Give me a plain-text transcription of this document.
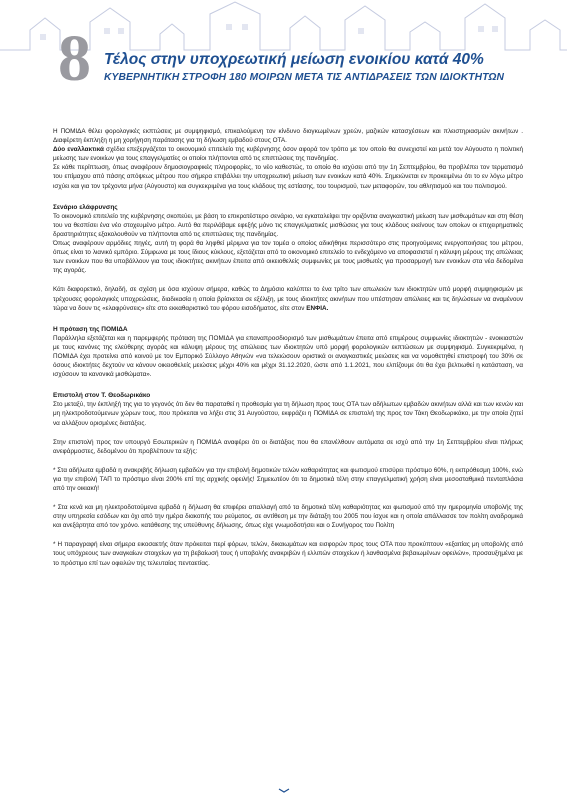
8 Τέλος στην υποχρεωτική μείωση ενοικίου κατά 40%
ΚΥΒΕΡΝΗΤΙΚΗ ΣΤΡΟΦΗ 180 ΜΟΙΡΩΝ ΜΕΤΑ ΤΙΣ ΑΝΤΙΔΡΑΣΕΙΣ ΤΩΝ ΙΔΙΟΚΤΗΤΩΝ

Η ΠΟΜΙΔΑ θέλει φορολογικές εκπτώσεις με συμψηφισμό, επικαλούμενη τον κίνδυνο διογκωμένων χρεών, μαζικών κατασχέσεων και πλειστηριασμών ακινήτων . Διαφέρετη έκπληξη η μη χορήγηση παράτασης για τη δήλωση εμβαδού στους ΟΤΑ.

Δύο εναλλακτικά σχέδια επεξεργάζεται το οικονομικό επιτελείο της κυβέρνησης όσον αφορά τον τρόπο με τον οποίο θα συνεχιστεί και μετά τον Αύγουστο η πολιτική μείωσης των ενοικίων για τους επαγγελματίες οι οποίοι πλήττονται από τις επιπτώσεις της πανδημίας.

Σε κάθε περίπτωση, όπως αναφέρουν δημοσιογραφικές πληροφορίες, το νέο καθεστώς, το οποίο θα ισχύσει από την 1η Σεπτεμβρίου, θα προβλέπει τον τερματισμό του επίμαχου από πάσης απόψεως μέτρου που σήμερα επιβάλλει την υποχρεωτική μείωση των ενοικίων κατά 40%. Σημειώνεται εν προκειμένω ότι το εν λόγω μέτρο ισχύει και για τον τρέχοντα μήνα (Αύγουστο) και συγκεκριμένα για τους κλάδους της εστίασης, του τουρισμού, των μεταφορών, του αθλητισμού και του πολιτισμού.

Σενάριο ελάφρυνσης

Το οικονομικό επιτελείο της κυβέρνησης σκοπεύει, με βάση το επικρατέστερο σενάριο, να εγκαταλείψει την οριζόντια αναγκαστική μείωση των μισθωμάτων και στη θέση του να θεσπίσει ένα νέο στοχευμένο μέτρο. Αυτό θα περιλάβαμε εφεξής μόνο τις επαγγελματικές μισθώσεις για τους κλάδους εκείνους των οποίων οι επιχειρηματικές δραστηριότητες εξακολουθούν να πλήττονται από τις επιπτώσεις της πανδημίας.

Όπως αναφέρουν αρμόδιες πηγές, αυτή τη φορά θα ληφθεί μέριμνα για τον τομέα ο οποίος αδικήθηκε περισσότερο στις προηγούμενες ενεργοποιήσεις του μέτρου, όπως είναι το λιανικό εμπόριο. Σύμφωνα με τους ίδιους κύκλους, εξετάζεται από το οικονομικό επιτελείο το ενδεχόμενο να αποφασιστεί η κάλυψη μέρους της απώλειας των ενοικίων που θα υποβάλλουν για τους ιδιοκτήτες ακινήτων έπειτα από οικειοθελείς συμφωνίες με τους μισθωτές για προσαρμογή των ενοικίων στα νέα δεδομένα της αγοράς.

Κάτι διαφορετικό, δηλαδή, σε σχέση με όσα ισχύουν σήμερα, καθώς το Δημόσιο καλύπτει το ένα τρίτο των απωλειών των ιδιοκτητών υπό μορφή συμψηφισμών με τρέχουσες φορολογικές υποχρεώσεις, διαδικασία η οποία βρίσκεται σε εξέλιξη, με τους ιδιοκτήτες ακινήτων που υπέστησαν απώλειες και τις δηλώσεων να αναμένουν τώρα να δουν τις «ελαφρύνσεις» είτε στο εκκαθαριστικό του φόρου εισοδήματος, είτε στον ΕΝΦΙΑ.

Η πρόταση της ΠΟΜΙΔΑ

Παράλληλα εξετάζεται και η παρεμφερής πρόταση της ΠΟΜΙΔΑ για επαναπροσδιορισμό των μισθωμάτων έπειτα από επιμέρους συμφωνίες ιδιοκτητών - ενοικιαστών με τους κανόνες της ελεύθερης αγοράς και κάλυψη μέρους της απώλειας των ιδιοκτητών υπό μορφή φορολογικών εκπτώσεων με συμψηφισμό. Συγκεκριμένα, η ΠΟΜΙΔΑ έχει προτείνει από κοινού με τον Εμπορικό Σύλλογο Αθηνών «να τελειώσουν οριστικά οι αναγκαστικές μειώσεις και να νομοθετηθεί επιστροφή του 30% σε όσους ιδιοκτήτες δεχτούν να κάνουν οικειοθελείς μειώσεις μέχρι 40% και μέχρι 31.12.2020, ώστε από 1.1.2021, που ελπίζουμε ότι θα έχει βελτιωθεί η κατάσταση, να ισχύσουν τα κανονικά μισθώματα».

Επιστολή στον Τ. Θεοδωρικάκο

Στο μεταξύ, την έκπληξή της για το γεγονός ότι δεν θα παραταθεί η προθεσμία για τη δήλωση προς τους ΟΤΑ των αδήλωτων εμβαδών ακινήτων αλλά και των κενών και μη ηλεκτροδοτούμενων χώρων τους, που πρόκειται να λήξει στις 31 Αυγούστου, εκφράζει η ΠΟΜΙΔΑ σε επιστολή της προς τον Τάκη Θεοδωρικάκο, με την οποία ζητεί να αλλάξουν ορισμένες διατάξεις.

Στην επιστολή προς τον υπουργό Εσωτερικών η ΠΟΜΙΔΑ αναφέρει ότι οι διατάξεις που θα επανέλθουν αυτόματα σε ισχύ από την 1η Σεπτεμβρίου είναι πλήρως ανεφάρμοστες, δεδομένου ότι προβλέπουν τα εξής:

* Στα αδήλωτα εμβαδά η ανακριβής δήλωση εμβαδών για την επιβολή δημοτικών τελών καθαριότητας και φωτισμού επισύρει πρόστιμο 60%, η εκπρόθεσμη 100%, ενώ για την επιβολή ΤΑΠ το πρόστιμο είναι 200% επί της αρχικής οφειλής! Σημειωτέον ότι τα δημοτικά τέλη στην επαγγελματική χρήση είναι μεσοσταθμικά πενταπλάσια από την οικιακή!

* Στα κενά και μη ηλεκτροδοτούμενα εμβαδά η δήλωση θα επιφέρει απαλλαγή από τα δημοτικά τέλη καθαριότητας και φωτισμού από την ημερομηνία υποβολής της στην υπηρεσία εσόδων και όχι από την ημέρα διακοπής του ρεύματος, σε αντίθεση με την διάταξη του 2005 που ίσχυε και η οποία απάλλασσε τον πολίτη αναδρομικά και ανεξάρτητα από τον χρόνο. κατάθεσης της υπεύθυνης δήλωσης, όπως είχε γνωμοδοτήσει και ο Συνήγορος του Πολίτη

* Η παραγραφή είναι σήμερα εικοσαετής όταν πρόκειται περί φόρων, τελών, δικαιωμάτων και εισφορών προς τους ΟΤΑ που προκύπτουν «εξαιτίας μη υποβολής από τους υπόχρεους των αναγκαίων στοιχείων για τη βεβαίωσή τους ή υποβολής ανακριβών ή ελλιπών στοιχείων ή λανθασμένα βεβαιωμένων οφειλών», προσαυξημένα με το πρόστιμο επί των οφειλών της τελευταίας πενταετίας.
